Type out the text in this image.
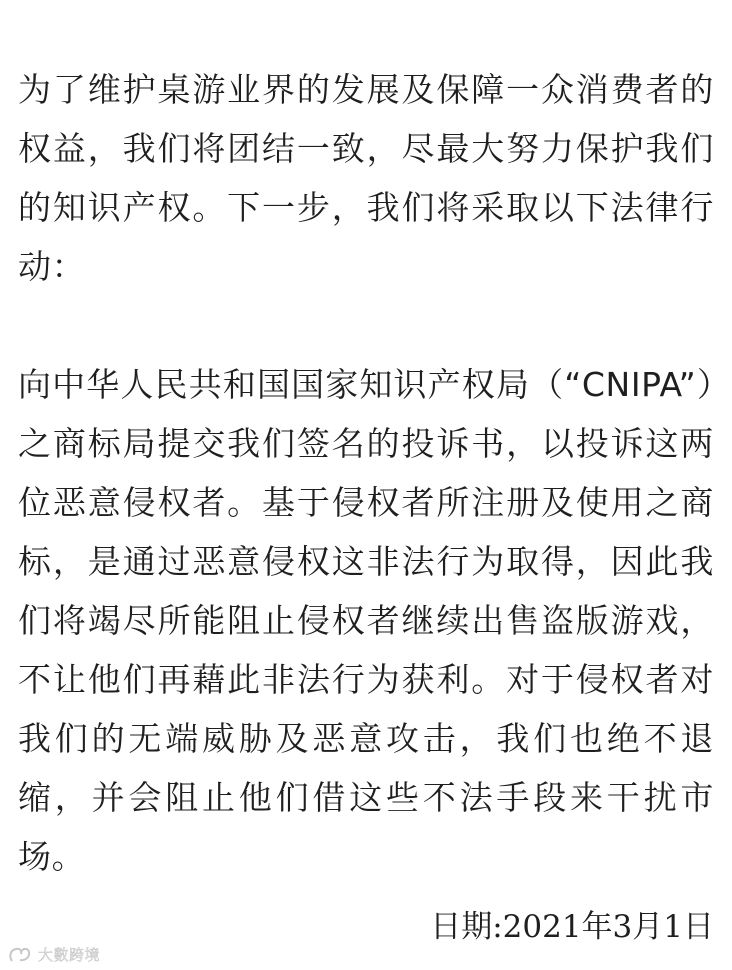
为了维护桌游业界的发展及保障一众消费者的权益，我们将团结一致，尽最大努力保护我们的知识产权。下一步，我们将采取以下法律行动：

向中华人民共和国国家知识产权局（“CNIPA”）之商标局提交我们签名的投诉书，以投诉这两位恶意侵权者。基于侵权者所注册及使用之商标，是通过恶意侵权这非法行为取得，因此我们将竭尽所能阻止侵权者继续出售盗版游戏，不让他们再藉此非法行为获利。对于侵权者对我们的无端威胁及恶意攻击，我们也绝不退缩，并会阻止他们借这些不法手段来干扰市场。

日期:2021年3月1日
大數跨境
